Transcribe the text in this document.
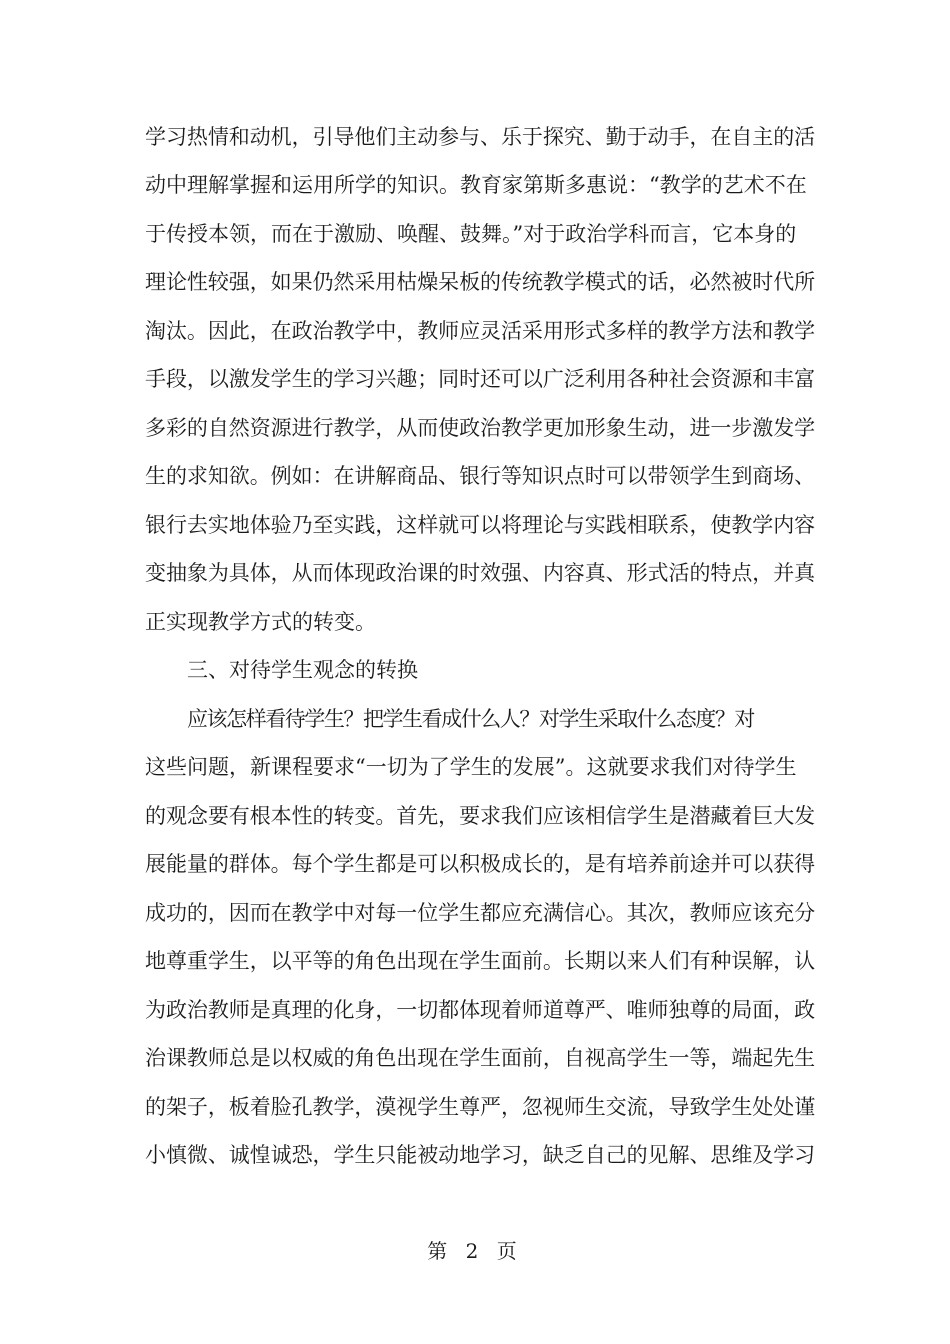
学习热情和动机，引导他们主动参与、乐于探究、勤于动手，在自主的活
动中理解掌握和运用所学的知识。教育家第斯多惠说：“教学的艺术不在
于传授本领，而在于激励、唤醒、鼓舞。”对于政治学科而言，它本身的
理论性较强，如果仍然采用枯燥呆板的传统教学模式的话，必然被时代所
淘汰。因此，在政治教学中，教师应灵活采用形式多样的教学方法和教学
手段，以激发学生的学习兴趣；同时还可以广泛利用各种社会资源和丰富
多彩的自然资源进行教学，从而使政治教学更加形象生动，进一步激发学
生的求知欲。例如：在讲解商品、银行等知识点时可以带领学生到商场、
银行去实地体验乃至实践，这样就可以将理论与实践相联系，使教学内容
变抽象为具体，从而体现政治课的时效强、内容真、形式活的特点，并真
正实现教学方式的转变。
三、对待学生观念的转换
应该怎样看待学生？把学生看成什么人？对学生采取什么态度？对
这些问题，新课程要求“一切为了学生的发展”。这就要求我们对待学生
的观念要有根本性的转变。首先，要求我们应该相信学生是潜藏着巨大发
展能量的群体。每个学生都是可以积极成长的，是有培养前途并可以获得
成功的，因而在教学中对每一位学生都应充满信心。其次，教师应该充分
地尊重学生，以平等的角色出现在学生面前。长期以来人们有种误解，认
为政治教师是真理的化身，一切都体现着师道尊严、唯师独尊的局面，政
治课教师总是以权威的角色出现在学生面前，自视高学生一等，端起先生
的架子，板着脸孔教学，漠视学生尊严，忽视师生交流，导致学生处处谨
小慎微、诚惶诚恐，学生只能被动地学习，缺乏自己的见解、思维及学习
第 2 页
